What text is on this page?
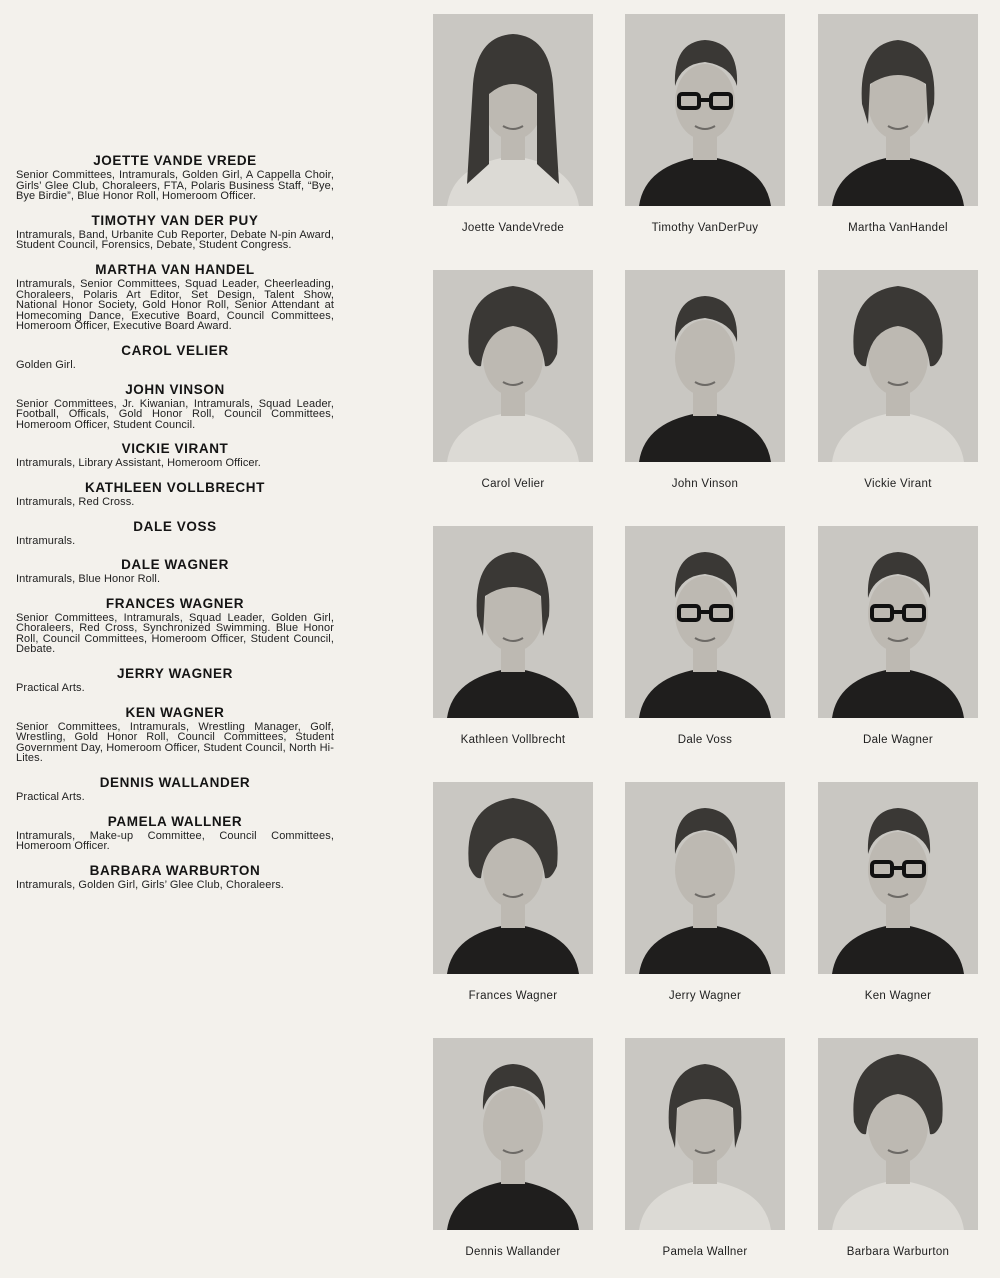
JOETTE VANDE VREDE
Senior Committees, Intramurals, Golden Girl, A Cappella Choir, Girls’ Glee Club, Choraleers, FTA, Polaris Business Staff, “Bye, Bye Birdie”, Blue Honor Roll, Homeroom Officer.
TIMOTHY VAN DER PUY
Intramurals, Band, Urbanite Cub Reporter, Debate N-pin Award, Student Council, Forensics, Debate, Student Congress.
MARTHA VAN HANDEL
Intramurals, Senior Committees, Squad Leader, Cheerleading, Choraleers, Polaris Art Editor, Set Design, Talent Show, National Honor Society, Gold Honor Roll, Senior Attendant at Homecoming Dance, Executive Board, Council Committees, Homeroom Officer, Executive Board Award.
CAROL VELIER
Golden Girl.
JOHN VINSON
Senior Committees, Jr. Kiwanian, Intramurals, Squad Leader, Football, Officals, Gold Honor Roll, Council Committees, Homeroom Officer, Student Council.
VICKIE VIRANT
Intramurals, Library Assistant, Homeroom Officer.
KATHLEEN VOLLBRECHT
Intramurals, Red Cross.
DALE VOSS
Intramurals.
DALE WAGNER
Intramurals, Blue Honor Roll.
FRANCES WAGNER
Senior Committees, Intramurals, Squad Leader, Golden Girl, Choraleers, Red Cross, Synchronized Swimming. Blue Honor Roll, Council Committees, Homeroom Officer, Student Council, Debate.
JERRY WAGNER
Practical Arts.
KEN WAGNER
Senior Committees, Intramurals, Wrestling Manager, Golf, Wrestling, Gold Honor Roll, Council Committees, Student Government Day, Homeroom Officer, Student Council, North Hi-Lites.
DENNIS WALLANDER
Practical Arts.
PAMELA WALLNER
Intramurals, Make-up Committee, Council Committees, Homeroom Officer.
BARBARA WARBURTON
Intramurals, Golden Girl, Girls’ Glee Club, Choraleers.
Joette VandeVrede	Timothy VanDerPuy	Martha VanHandel
Carol Velier	John Vinson	Vickie Virant
Kathleen Vollbrecht	Dale Voss	Dale Wagner
Frances Wagner	Jerry Wagner	Ken Wagner
Dennis Wallander	Pamela Wallner	Barbara Warburton
